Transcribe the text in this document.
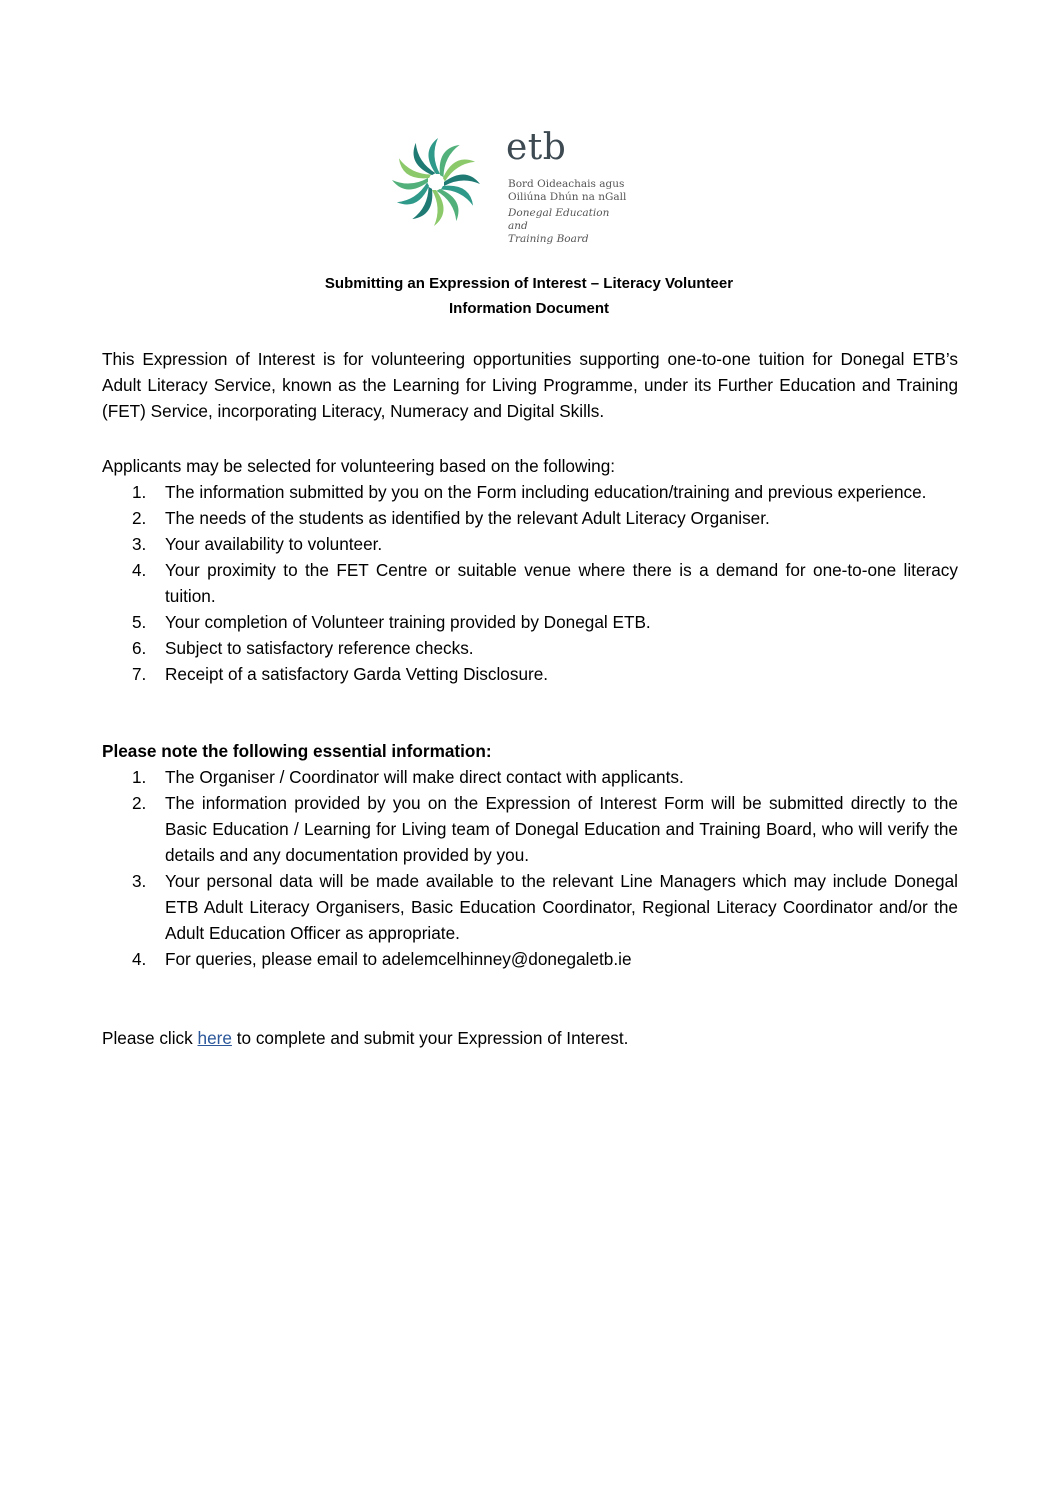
etb
Bord Oideachais agus
Oiliúna Dhún na nGall
Donegal Education and
Training Board
Submitting an Expression of Interest – Literacy Volunteer
Information Document
This Expression of Interest is for volunteering opportunities supporting one-to-one tuition for Donegal ETB’s Adult Literacy Service, known as the Learning for Living Programme, under its Further Education and Training (FET) Service, incorporating Literacy, Numeracy and Digital Skills.
Applicants may be selected for volunteering based on the following:
1. The information submitted by you on the Form including education/training and previous experience.
2. The needs of the students as identified by the relevant Adult Literacy Organiser.
3. Your availability to volunteer.
4. Your proximity to the FET Centre or suitable venue where there is a demand for one-to-one literacy tuition.
5. Your completion of Volunteer training provided by Donegal ETB.
6. Subject to satisfactory reference checks.
7. Receipt of a satisfactory Garda Vetting Disclosure.
Please note the following essential information:
1. The Organiser / Coordinator will make direct contact with applicants.
2. The information provided by you on the Expression of Interest Form will be submitted directly to the Basic Education / Learning for Living team of Donegal Education and Training Board, who will verify the details and any documentation provided by you.
3. Your personal data will be made available to the relevant Line Managers which may include Donegal ETB Adult Literacy Organisers, Basic Education Coordinator, Regional Literacy Coordinator and/or the Adult Education Officer as appropriate.
4. For queries, please email to adelemcelhinney@donegaletb.ie
Please click here to complete and submit your Expression of Interest.
